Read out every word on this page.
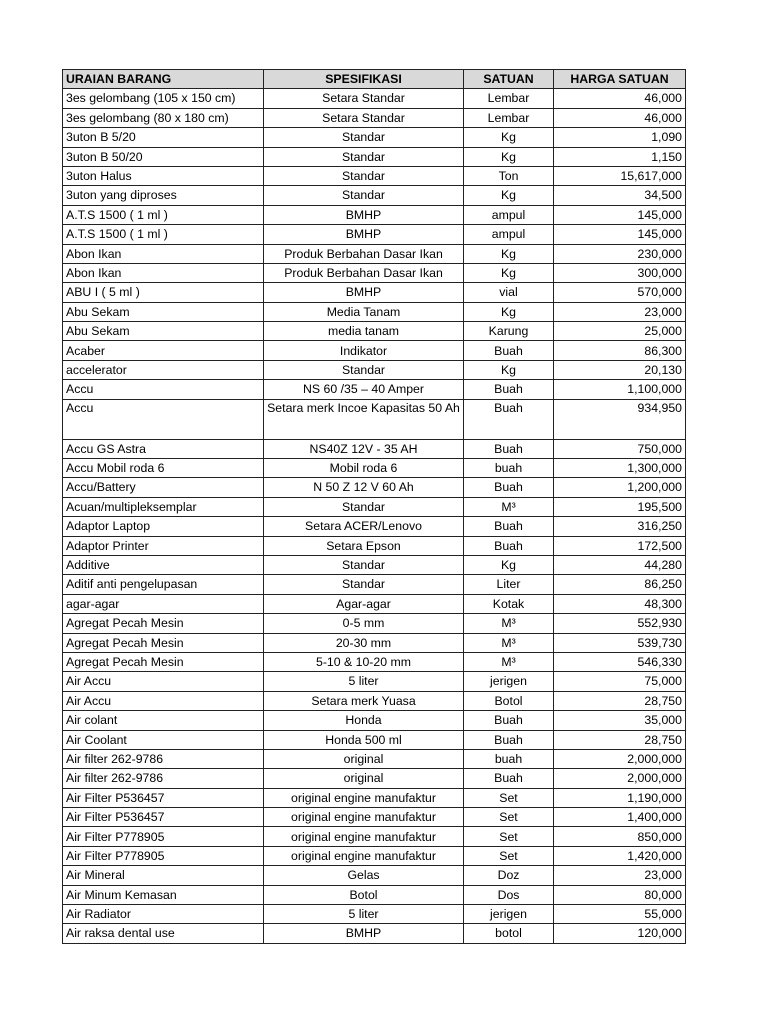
URAIAN BARANG	SPESIFIKASI	SATUAN	HARGA SATUAN
3es gelombang (105 x 150 cm)	Setara Standar	Lembar	46,000
3es gelombang (80 x 180 cm)	Setara Standar	Lembar	46,000
3uton B 5/20	Standar	Kg	1,090
3uton B 50/20	Standar	Kg	1,150
3uton Halus	Standar	Ton	15,617,000
3uton yang diproses	Standar	Kg	34,500
A.T.S 1500 ( 1 ml )	BMHP	ampul	145,000
A.T.S 1500 ( 1 ml )	BMHP	ampul	145,000
Abon Ikan	Produk Berbahan Dasar Ikan	Kg	230,000
Abon Ikan	Produk Berbahan Dasar Ikan	Kg	300,000
ABU I ( 5 ml )	BMHP	vial	570,000
Abu Sekam	Media Tanam	Kg	23,000
Abu Sekam	media tanam	Karung	25,000
Acaber	Indikator	Buah	86,300
accelerator	Standar	Kg	20,130
Accu	NS 60 /35 – 40 Amper	Buah	1,100,000
Accu	Setara merk Incoe Kapasitas 50 Ah	Buah	934,950
Accu GS Astra	NS40Z 12V - 35 AH	Buah	750,000
Accu Mobil roda 6	Mobil roda 6	buah	1,300,000
Accu/Battery	N 50 Z 12 V 60 Ah	Buah	1,200,000
Acuan/multipleksemplar	Standar	M³	195,500
Adaptor Laptop	Setara ACER/Lenovo	Buah	316,250
Adaptor Printer	Setara Epson	Buah	172,500
Additive	Standar	Kg	44,280
Aditif anti pengelupasan	Standar	Liter	86,250
agar-agar	Agar-agar	Kotak	48,300
Agregat Pecah Mesin	0-5 mm	M³	552,930
Agregat Pecah Mesin	20-30 mm	M³	539,730
Agregat Pecah Mesin	5-10 & 10-20 mm	M³	546,330
Air Accu	5 liter	jerigen	75,000
Air Accu	Setara merk Yuasa	Botol	28,750
Air colant	Honda	Buah	35,000
Air Coolant	Honda 500 ml	Buah	28,750
Air filter 262-9786	original	buah	2,000,000
Air filter 262-9786	original	Buah	2,000,000
Air Filter P536457	original engine manufaktur	Set	1,190,000
Air Filter P536457	original engine manufaktur	Set	1,400,000
Air Filter P778905	original engine manufaktur	Set	850,000
Air Filter P778905	original engine manufaktur	Set	1,420,000
Air Mineral	Gelas	Doz	23,000
Air Minum Kemasan	Botol	Dos	80,000
Air Radiator	5 liter	jerigen	55,000
Air raksa dental use	BMHP	botol	120,000
